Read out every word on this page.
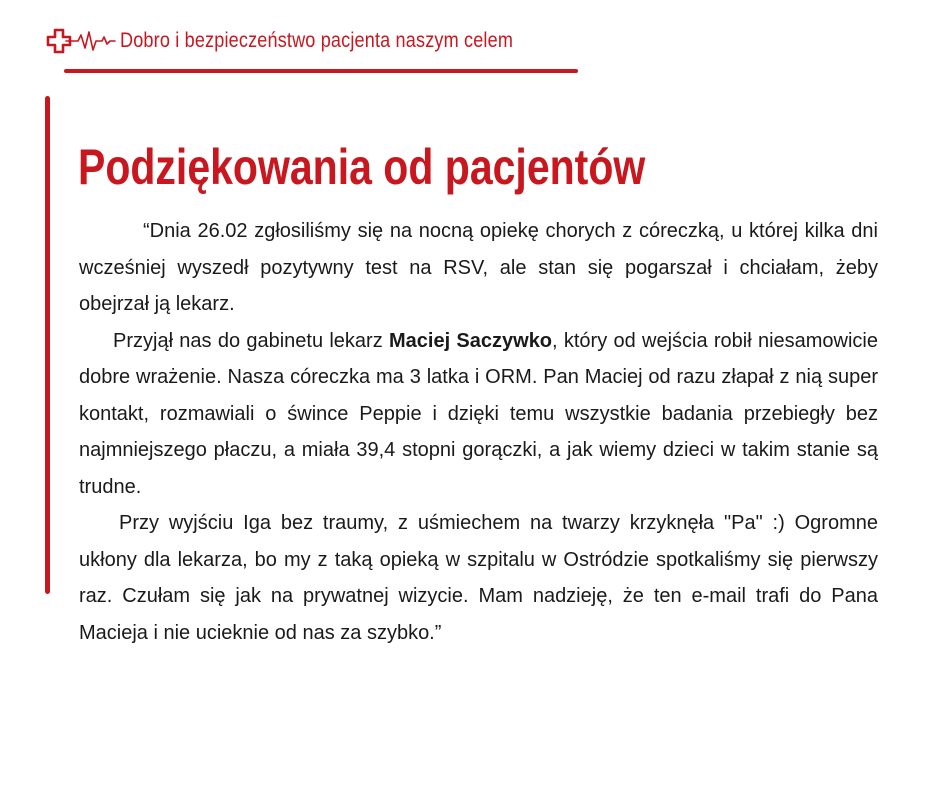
Dobro i bezpieczeństwo pacjenta naszym celem
Podziękowania od pacjentów

“Dnia 26.02 zgłosiliśmy się na nocną opiekę chorych z córeczką, u której kilka dni wcześniej wyszedł pozytywny test na RSV, ale stan się pogarszał i chciałam, żeby obejrzał ją lekarz.

Przyjął nas do gabinetu lekarz Maciej Saczywko, który od wejścia robił niesamowicie dobre wrażenie. Nasza córeczka ma 3 latka i ORM. Pan Maciej od razu złapał z nią super kontakt, rozmawiali o śwince Peppie i dzięki temu wszystkie badania przebiegły bez najmniejszego płaczu, a miała 39,4 stopni gorączki, a jak wiemy dzieci w takim stanie są trudne.

Przy wyjściu Iga bez traumy, z uśmiechem na twarzy krzyknęła "Pa" :) Ogromne ukłony dla lekarza, bo my z taką opieką w szpitalu w Ostródzie spotkaliśmy się pierwszy raz. Czułam się jak na prywatnej wizycie. Mam nadzieję, że ten e-mail trafi do Pana Macieja i nie ucieknie od nas za szybko.”
